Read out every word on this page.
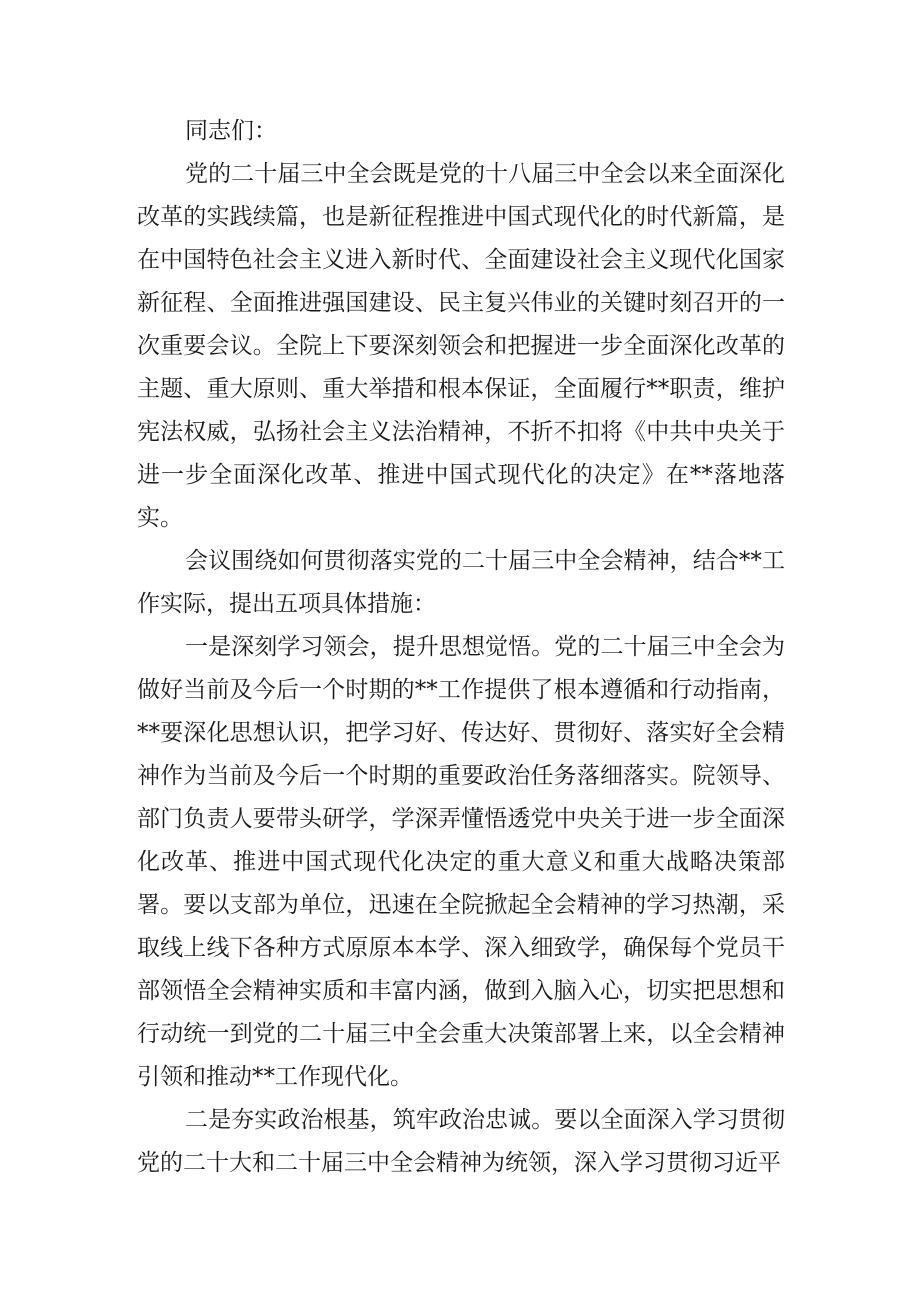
同志们：

党的二十届三中全会既是党的十八届三中全会以来全面深化改革的实践续篇，也是新征程推进中国式现代化的时代新篇，是在中国特色社会主义进入新时代、全面建设社会主义现代化国家新征程、全面推进强国建设、民主复兴伟业的关键时刻召开的一次重要会议。全院上下要深刻领会和把握进一步全面深化改革的主题、重大原则、重大举措和根本保证，全面履行**职责，维护宪法权威，弘扬社会主义法治精神，不折不扣将《中共中央关于进一步全面深化改革、推进中国式现代化的决定》在**落地落实。

会议围绕如何贯彻落实党的二十届三中全会精神，结合**工作实际，提出五项具体措施：

一是深刻学习领会，提升思想觉悟。党的二十届三中全会为做好当前及今后一个时期的**工作提供了根本遵循和行动指南，**要深化思想认识，把学习好、传达好、贯彻好、落实好全会精神作为当前及今后一个时期的重要政治任务落细落实。院领导、部门负责人要带头研学，学深弄懂悟透党中央关于进一步全面深化改革、推进中国式现代化决定的重大意义和重大战略决策部署。要以支部为单位，迅速在全院掀起全会精神的学习热潮，采取线上线下各种方式原原本本学、深入细致学，确保每个党员干部领悟全会精神实质和丰富内涵，做到入脑入心，切实把思想和行动统一到党的二十届三中全会重大决策部署上来，以全会精神引领和推动**工作现代化。

二是夯实政治根基，筑牢政治忠诚。要以全面深入学习贯彻党的二十大和二十届三中全会精神为统领，深入学习贯彻习近平
